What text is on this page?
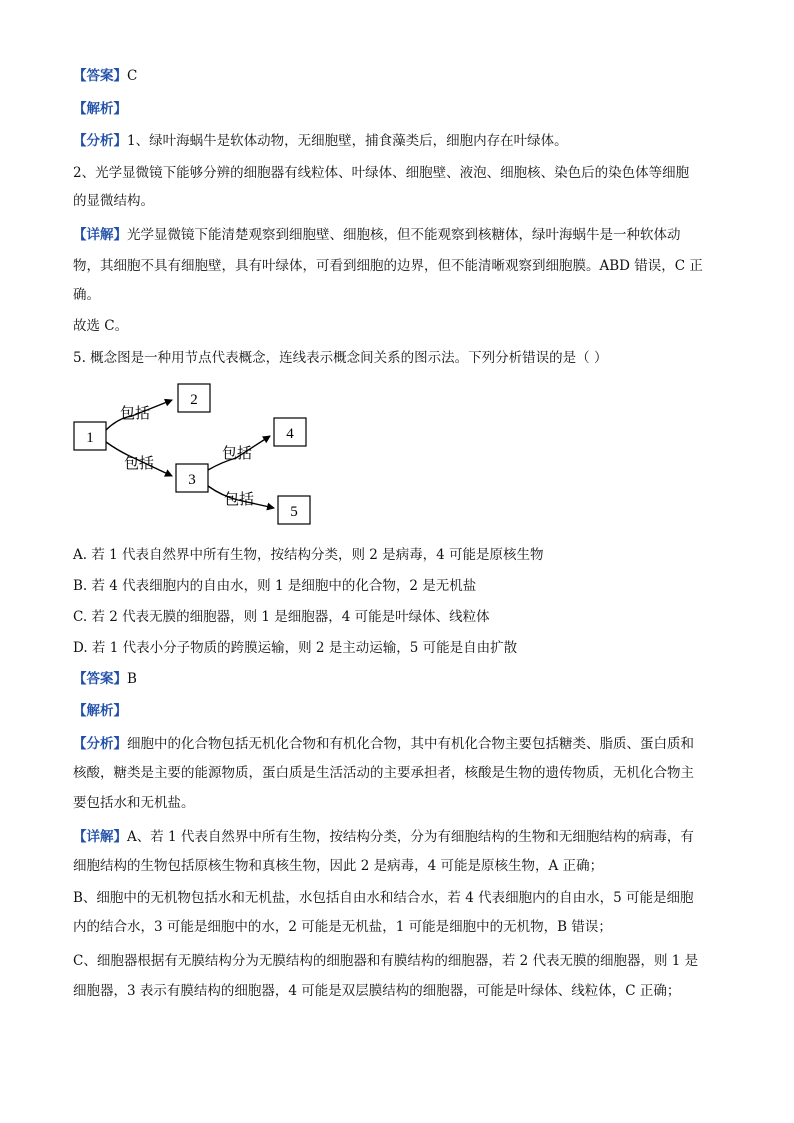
【答案】C
【解析】
【分析】1、绿叶海蜗牛是软体动物，无细胞壁，捕食藻类后，细胞内存在叶绿体。
2、光学显微镜下能够分辨的细胞器有线粒体、叶绿体、细胞壁、液泡、细胞核、染色后的染色体等细胞
的显微结构。
【详解】光学显微镜下能清楚观察到细胞壁、细胞核，但不能观察到核糖体，绿叶海蜗牛是一种软体动
物，其细胞不具有细胞壁，具有叶绿体，可看到细胞的边界，但不能清晰观察到细胞膜。ABD 错误，C 正
确。
故选 C。
5. 概念图是一种用节点代表概念，连线表示概念间关系的图示法。下列分析错误的是（ ）
1
2
3
4
5
包括
包括
包括
包括
A. 若 1 代表自然界中所有生物，按结构分类，则 2 是病毒，4 可能是原核生物
B. 若 4 代表细胞内的自由水，则 1 是细胞中的化合物，2 是无机盐
C. 若 2 代表无膜的细胞器，则 1 是细胞器，4 可能是叶绿体、线粒体
D. 若 1 代表小分子物质的跨膜运输，则 2 是主动运输，5 可能是自由扩散
【答案】B
【解析】
【分析】细胞中的化合物包括无机化合物和有机化合物，其中有机化合物主要包括糖类、脂质、蛋白质和
核酸，糖类是主要的能源物质，蛋白质是生活活动的主要承担者，核酸是生物的遗传物质，无机化合物主
要包括水和无机盐。
【详解】A、若 1 代表自然界中所有生物，按结构分类，分为有细胞结构的生物和无细胞结构的病毒，有
细胞结构的生物包括原核生物和真核生物，因此 2 是病毒，4 可能是原核生物，A 正确；
B、细胞中的无机物包括水和无机盐，水包括自由水和结合水，若 4 代表细胞内的自由水，5 可能是细胞
内的结合水，3 可能是细胞中的水，2 可能是无机盐，1 可能是细胞中的无机物，B 错误；
C、细胞器根据有无膜结构分为无膜结构的细胞器和有膜结构的细胞器，若 2 代表无膜的细胞器，则 1 是
细胞器，3 表示有膜结构的细胞器，4 可能是双层膜结构的细胞器，可能是叶绿体、线粒体，C 正确；
